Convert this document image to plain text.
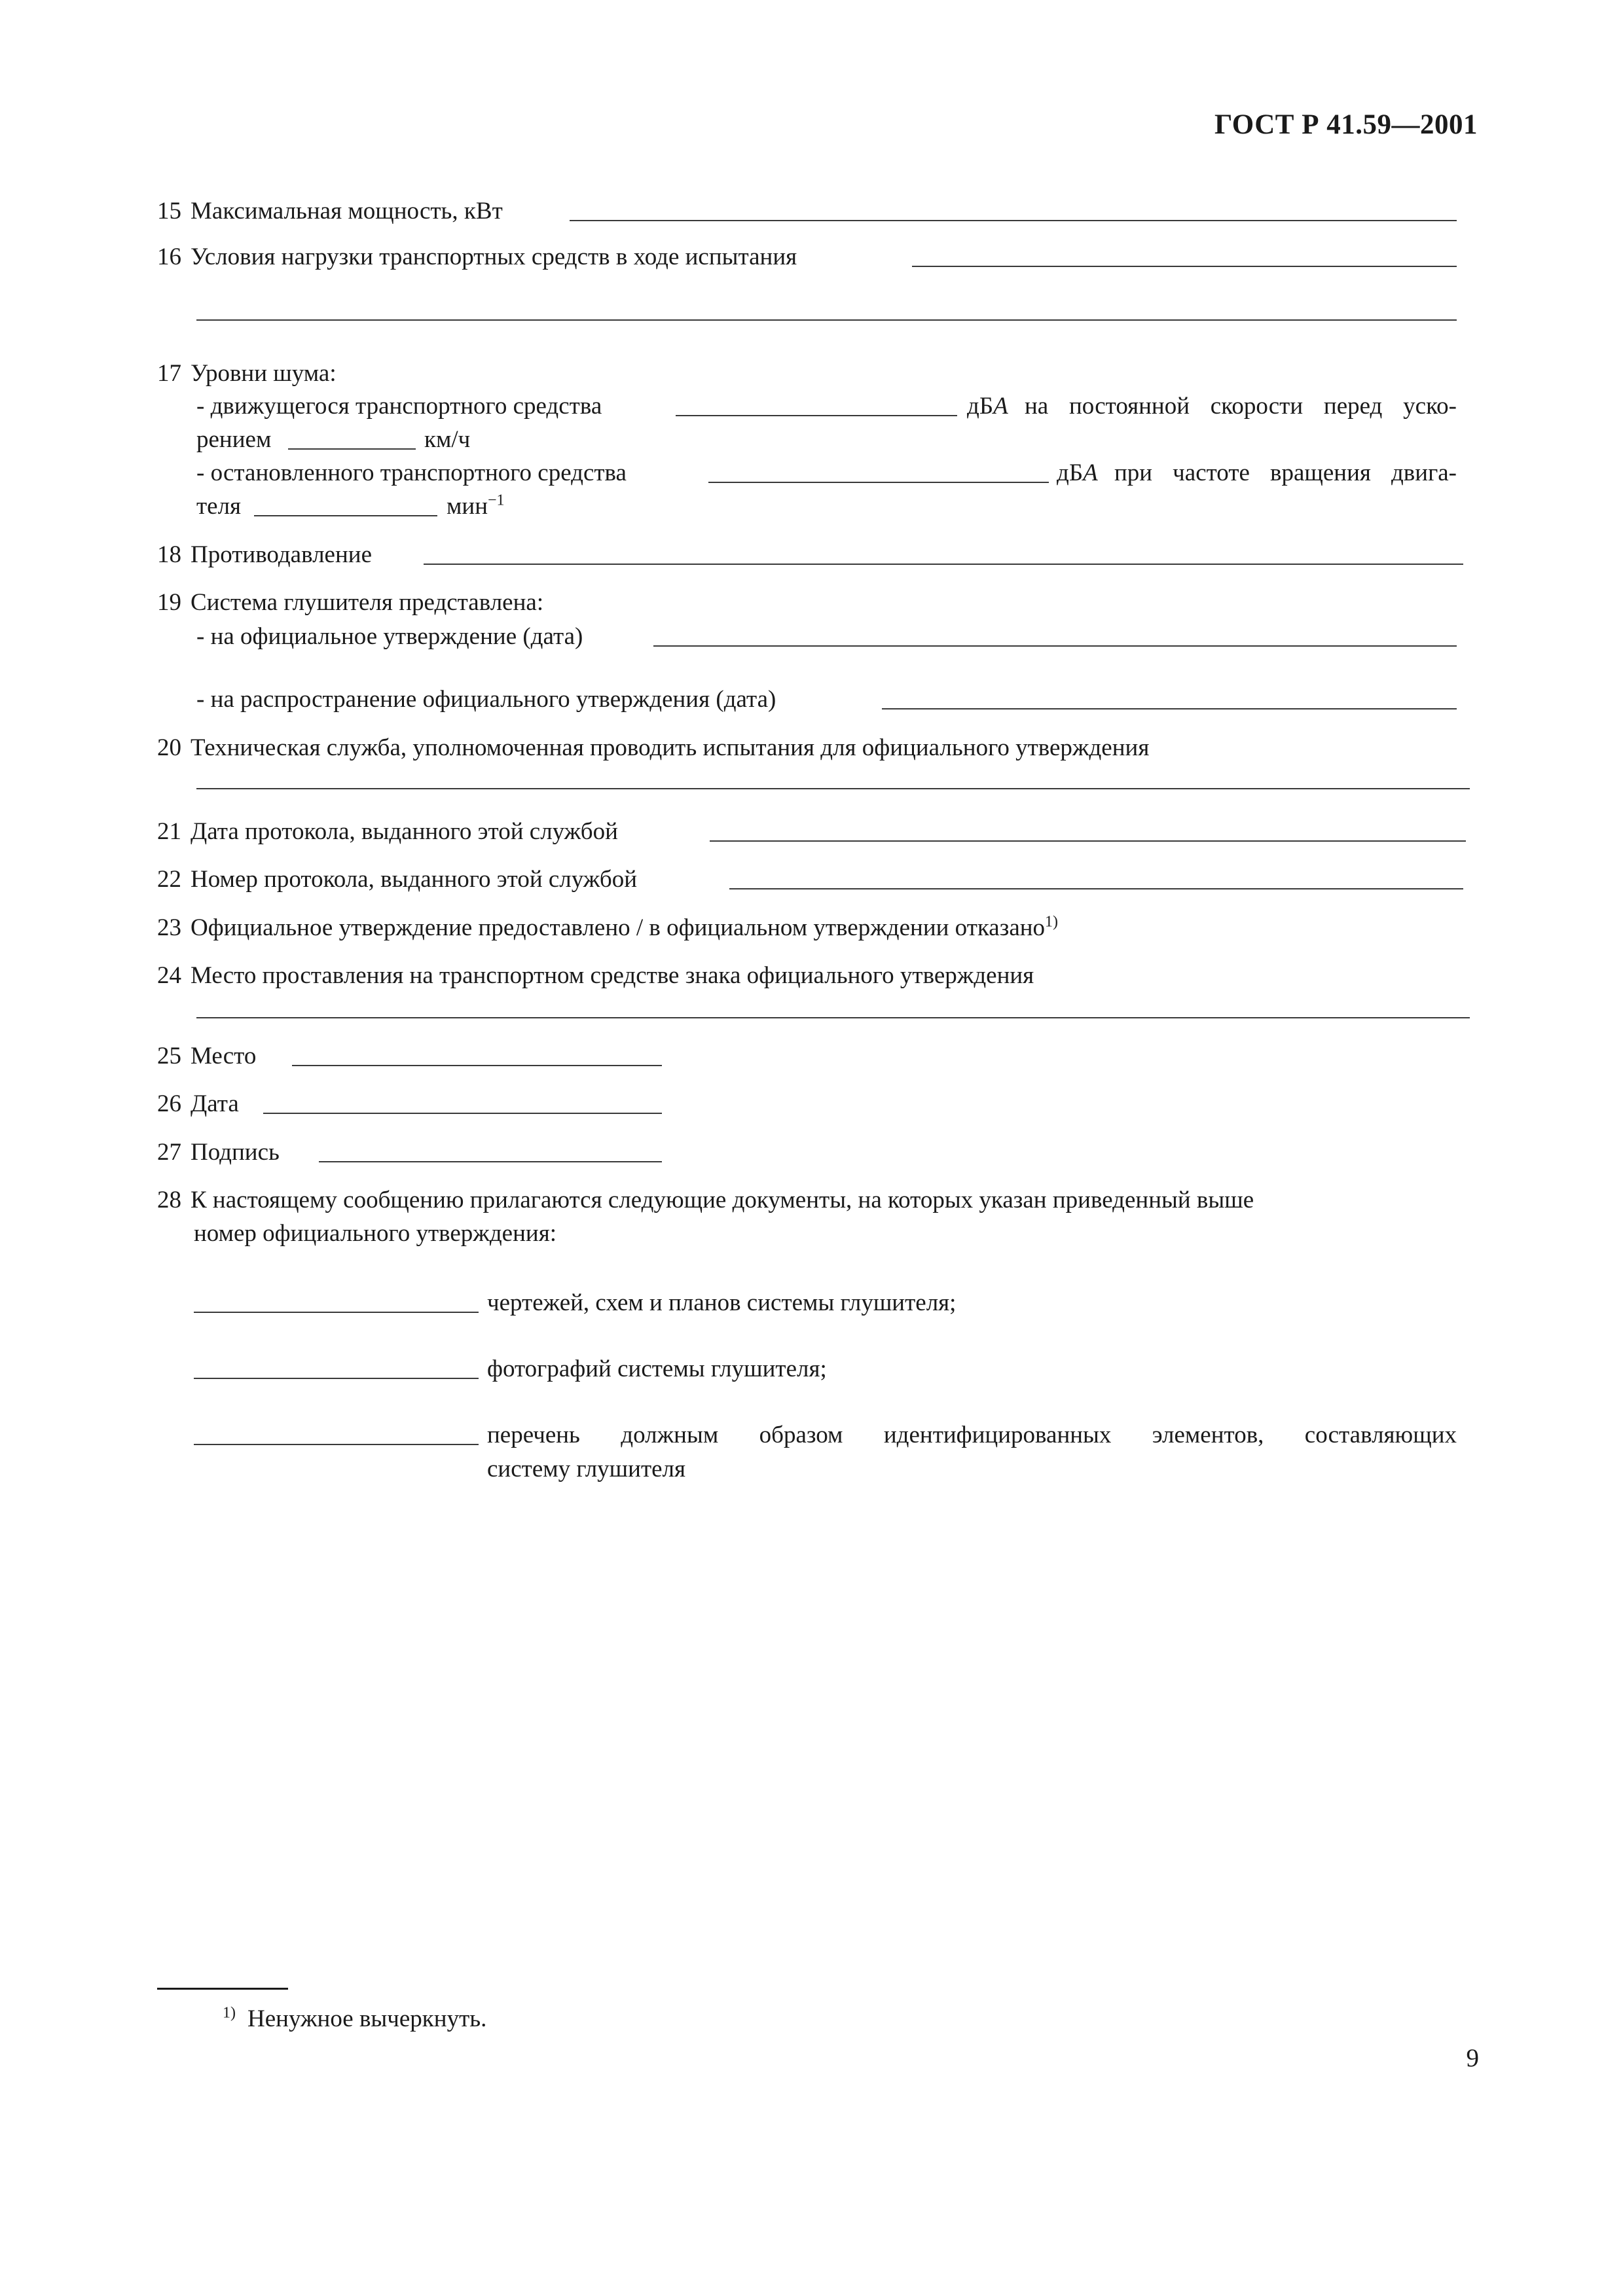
ГОСТ Р 41.59—2001
15 Максимальная мощность, кВт
16 Условия нагрузки транспортных средств в ходе испытания
17 Уровни шума:
- движущегося транспортного средства	дБА на постоянной скорости перед уско-
рением	км/ч
- остановленного транспортного средства	дБА при частоте вращения двига-
теля	мин$^{-1}$
18 Противодавление
19 Система глушителя представлена:
- на официальное утверждение (дата)
- на распространение официального утверждения (дата)
20 Техническая служба, уполномоченная проводить испытания для официального утверждения
21 Дата протокола, выданного этой службой
22 Номер протокола, выданного этой службой
23 Официальное утверждение предоставлено / в официальном утверждении отказано$^{1)}$
24 Место проставления на транспортном средстве знака официального утверждения
25 Место
26 Дата
27 Подпись
28 К настоящему сообщению прилагаются следующие документы, на которых указан приведенный выше
номер официального утверждения:
чертежей, схем и планов системы глушителя;
фотографий системы глушителя;
перечень должным образом идентифицированных элементов, составляющих
систему глушителя
$^{1)}$ Ненужное вычеркнуть.
9
